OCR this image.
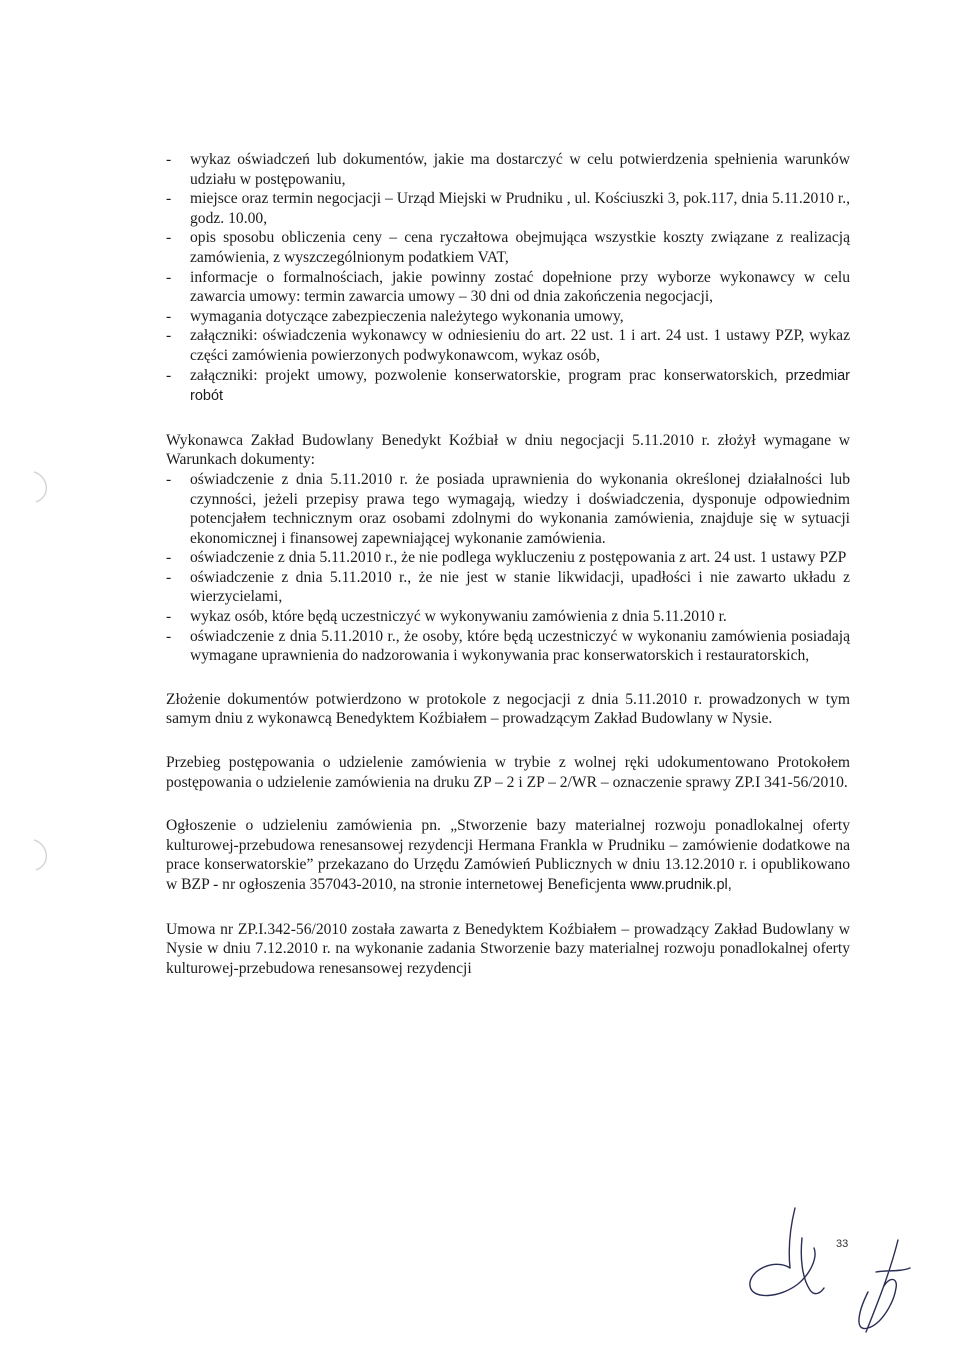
-	wykaz oświadczeń lub dokumentów, jakie ma dostarczyć w celu potwierdzenia spełnienia warunków udziału w postępowaniu,
-	miejsce oraz termin negocjacji – Urząd Miejski w Prudniku , ul. Kościuszki 3, pok.117, dnia 5.11.2010 r., godz. 10.00,
-	opis sposobu obliczenia ceny – cena ryczałtowa obejmująca wszystkie koszty związane z realizacją zamówienia, z wyszczególnionym podatkiem VAT,
-	informacje o formalnościach, jakie powinny zostać dopełnione przy wyborze wykonawcy w celu zawarcia umowy: termin zawarcia umowy – 30 dni od dnia zakończenia negocjacji,
-	wymagania dotyczące zabezpieczenia należytego wykonania umowy,
-	załączniki: oświadczenia wykonawcy w odniesieniu do art. 22 ust. 1 i art. 24 ust. 1 ustawy PZP, wykaz części zamówienia powierzonych podwykonawcom, wykaz osób,
-	załączniki: projekt umowy, pozwolenie konserwatorskie, program prac konserwatorskich, przedmiar robót

Wykonawca Zakład Budowlany Benedykt Koźbiał w dniu negocjacji 5.11.2010 r. złożył wymagane w Warunkach dokumenty:

-	oświadczenie z dnia 5.11.2010 r. że posiada uprawnienia do wykonania określonej działalności lub czynności, jeżeli przepisy prawa tego wymagają, wiedzy i doświadczenia, dysponuje odpowiednim potencjałem technicznym oraz osobami zdolnymi do wykonania zamówienia, znajduje się w sytuacji ekonomicznej i finansowej zapewniającej wykonanie zamówienia.
-	oświadczenie z dnia 5.11.2010 r., że nie podlega wykluczeniu z postępowania z art. 24 ust. 1 ustawy PZP
-	oświadczenie z dnia 5.11.2010 r., że nie jest w stanie likwidacji, upadłości i nie zawarto układu z wierzycielami,
-	wykaz osób, które będą uczestniczyć w wykonywaniu zamówienia z dnia 5.11.2010 r.
-	oświadczenie z dnia 5.11.2010 r., że osoby, które będą uczestniczyć w wykonaniu zamówienia posiadają wymagane uprawnienia do nadzorowania i wykonywania prac konserwatorskich i restauratorskich,

Złożenie dokumentów potwierdzono w protokole z negocjacji z dnia 5.11.2010 r. prowadzonych w tym samym dniu z wykonawcą Benedyktem Koźbiałem – prowadzącym Zakład Budowlany w Nysie.

Przebieg postępowania o udzielenie zamówienia w trybie z wolnej ręki udokumentowano Protokołem postępowania o udzielenie zamówienia na druku ZP – 2 i ZP – 2/WR – oznaczenie sprawy ZP.I 341-56/2010.

Ogłoszenie o udzieleniu zamówienia pn. „Stworzenie bazy materialnej rozwoju ponadlokalnej oferty kulturowej-przebudowa renesansowej rezydencji Hermana Frankla w Prudniku – zamówienie dodatkowe na prace konserwatorskie” przekazano do Urzędu Zamówień Publicznych w dniu 13.12.2010 r. i opublikowano w BZP - nr ogłoszenia 357043-2010, na stronie internetowej Beneficjenta www.prudnik.pl,

Umowa nr ZP.I.342-56/2010 została zawarta z Benedyktem Koźbiałem – prowadzący Zakład Budowlany w Nysie w dniu 7.12.2010 r. na wykonanie zadania Stworzenie bazy materialnej rozwoju ponadlokalnej oferty kulturowej-przebudowa renesansowej rezydencji

33
